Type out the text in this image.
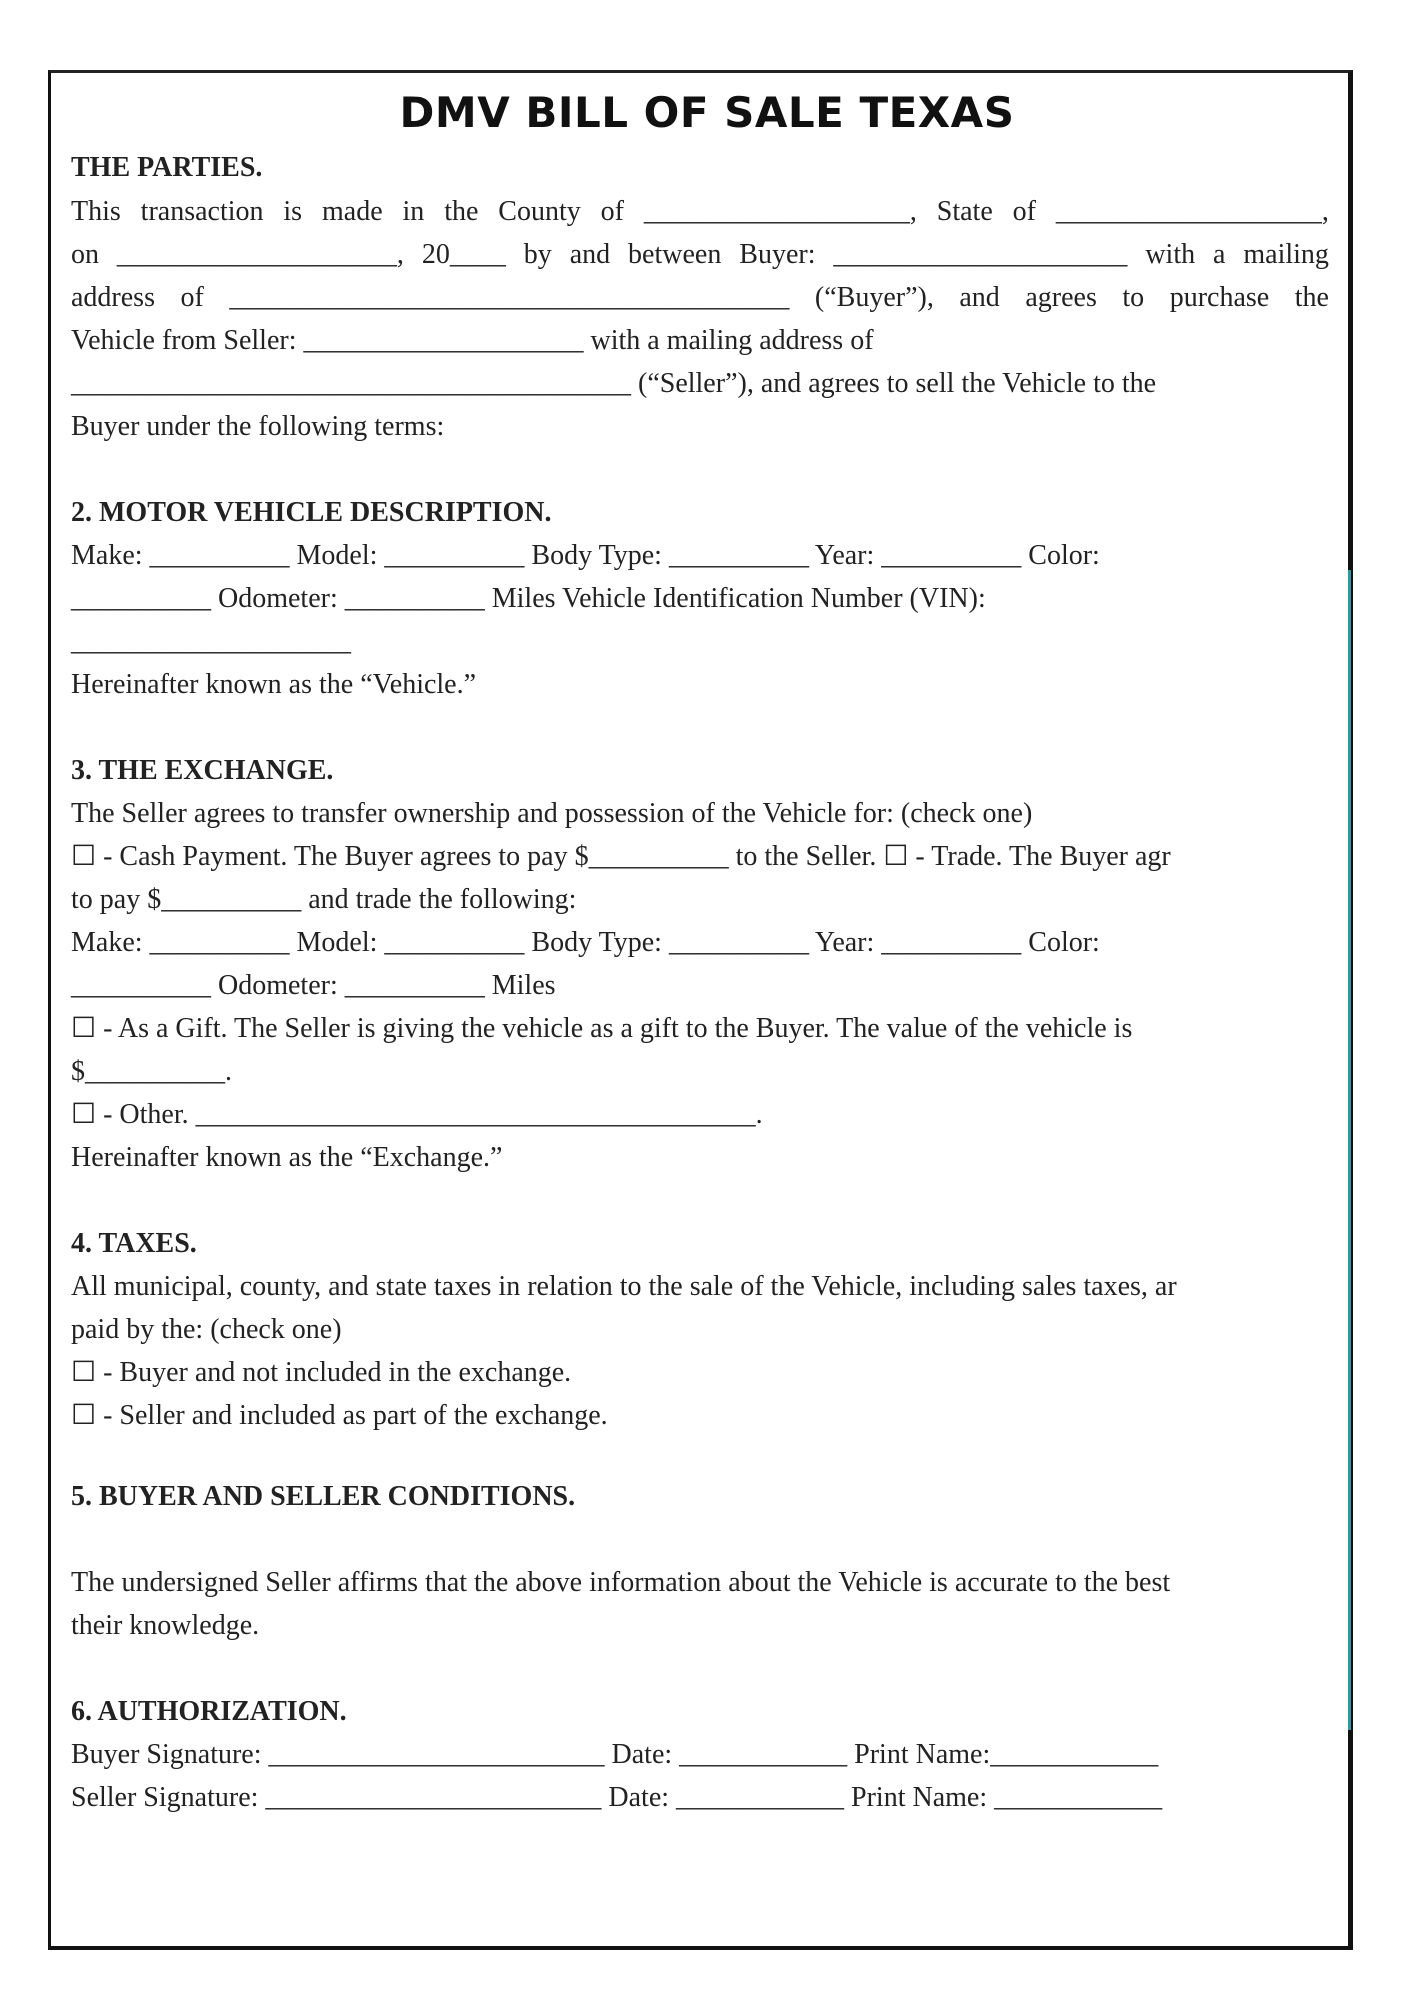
DMV BILL OF SALE TEXAS
THE PARTIES.
This transaction is made in the County of ___________________, State of ___________________,
on ____________________, 20____ by and between Buyer: _____________________ with a mailing
address of ________________________________________ (“Buyer”), and agrees to purchase the
Vehicle from Seller: ____________________ with a mailing address of
________________________________________ (“Seller”), and agrees to sell the Vehicle to the
Buyer under the following terms:
2. MOTOR VEHICLE DESCRIPTION.
Make: __________ Model: __________ Body Type: __________ Year: __________ Color:
__________ Odometer: __________ Miles Vehicle Identification Number (VIN):
____________________
Hereinafter known as the “Vehicle.”
3. THE EXCHANGE.
The Seller agrees to transfer ownership and possession of the Vehicle for: (check one)
☐ - Cash Payment. The Buyer agrees to pay $__________ to the Seller. ☐ - Trade. The Buyer agr
to pay $__________ and trade the following:
Make: __________ Model: __________ Body Type: __________ Year: __________ Color:
__________ Odometer: __________ Miles
☐ - As a Gift. The Seller is giving the vehicle as a gift to the Buyer. The value of the vehicle is
$__________.
☐ - Other. ________________________________________.
Hereinafter known as the “Exchange.”
4. TAXES.
All municipal, county, and state taxes in relation to the sale of the Vehicle, including sales taxes, ar
paid by the: (check one)
☐ - Buyer and not included in the exchange.
☐ - Seller and included as part of the exchange.
5. BUYER AND SELLER CONDITIONS.
The undersigned Seller affirms that the above information about the Vehicle is accurate to the best
their knowledge.
6. AUTHORIZATION.
Buyer Signature: ________________________ Date: ____________ Print Name:____________
Seller Signature: ________________________ Date: ____________ Print Name: ____________
